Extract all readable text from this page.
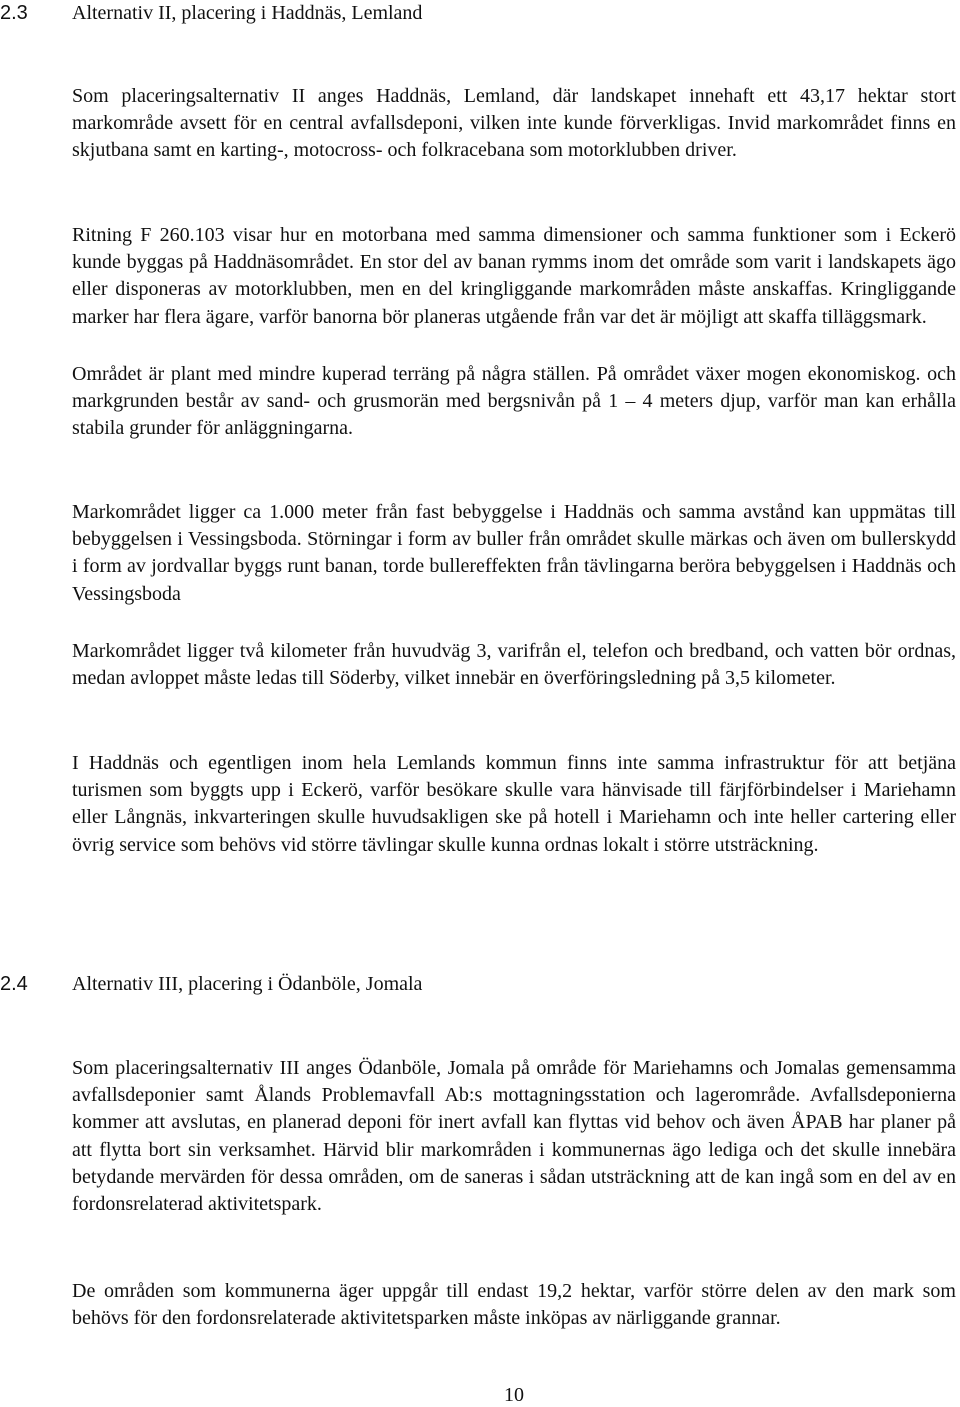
2.3 Alternativ II, placering i Haddnäs, Lemland

Som placeringsalternativ II anges Haddnäs, Lemland, där landskapet innehaft ett 43,17 hektar stort markområde avsett för en central avfallsdeponi, vilken inte kunde förverkligas. Invid markområdet finns en skjutbana samt en karting-, motocross- och folkracebana som motorklubben driver.

Ritning F 260.103 visar hur en motorbana med samma dimensioner och samma funktioner som i Eckerö kunde byggas på Haddnäsområdet. En stor del av banan rymms inom det område som varit i landskapets ägo eller disponeras av motorklubben, men en del kringliggande markområden måste anskaffas. Kringliggande marker har flera ägare, varför banorna bör planeras utgående från var det är möjligt att skaffa tilläggsmark.

Området är plant med mindre kuperad terräng på några ställen. På området växer mogen ekonomiskog. och markgrunden består av sand- och grusmorän med bergsnivån på 1 – 4 meters djup, varför man kan erhålla stabila grunder för anläggningarna.

Markområdet ligger ca 1.000 meter från fast bebyggelse i Haddnäs och samma avstånd kan uppmätas till bebyggelsen i Vessingsboda. Störningar i form av buller från området skulle märkas och även om bullerskydd i form av jordvallar byggs runt banan, torde bullereffekten från tävlingarna beröra bebyggelsen i Haddnäs och Vessingsboda

Markområdet ligger två kilometer från huvudväg 3, varifrån el, telefon och bredband, och vatten bör ordnas, medan avloppet måste ledas till Söderby, vilket innebär en överföringsledning på 3,5 kilometer.

I Haddnäs och egentligen inom hela Lemlands kommun finns inte samma infrastruktur för att betjäna turismen som byggts upp i Eckerö, varför besökare skulle vara hänvisade till färjförbindelser i Mariehamn eller Långnäs, inkvarteringen skulle huvudsakligen ske på hotell i Mariehamn och inte heller cartering eller övrig service som behövs vid större tävlingar skulle kunna ordnas lokalt i större utsträckning.

2.4 Alternativ III, placering i Ödanböle, Jomala

Som placeringsalternativ III anges Ödanböle, Jomala på område för Mariehamns och Jomalas gemensamma avfallsdeponier samt Ålands Problemavfall Ab:s mottagningsstation och lagerområde. Avfallsdeponierna kommer att avslutas, en planerad deponi för inert avfall kan flyttas vid behov och även ÅPAB har planer på att flytta bort sin verksamhet. Härvid blir markområden i kommunernas ägo lediga och det skulle innebära betydande mervärden för dessa områden, om de saneras i sådan utsträckning att de kan ingå som en del av en fordonsrelaterad aktivitetspark.

De områden som kommunerna äger uppgår till endast 19,2 hektar, varför större delen av den mark som behövs för den fordonsrelaterade aktivitetsparken måste inköpas av närliggande grannar.

10
